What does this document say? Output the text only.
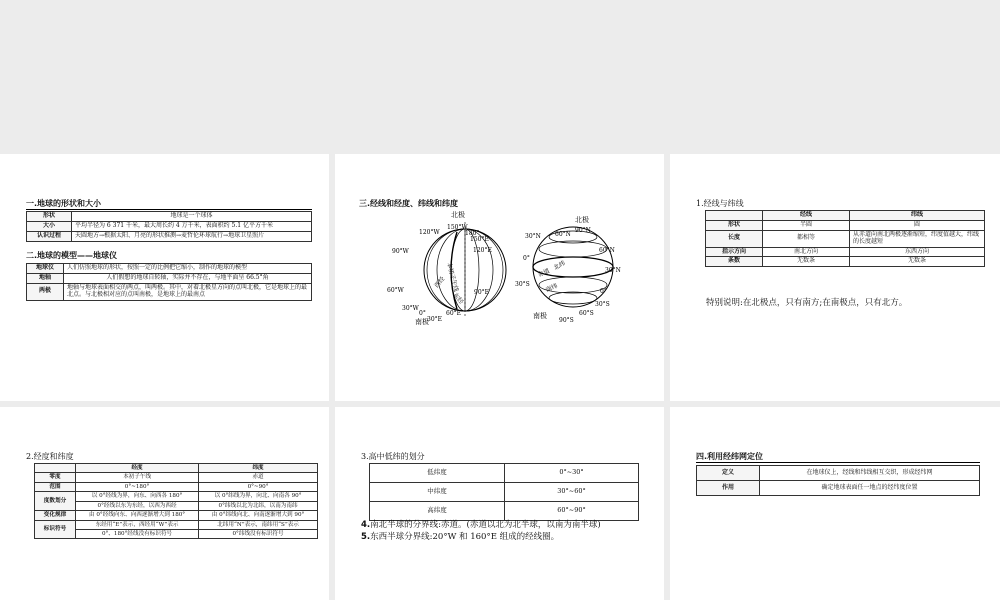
一.地球的形状和大小
形状	地球是一个球体
大小	平均半径为 6 371 千米，最大周长约 4 万千米，表面积约 5.1 亿平方千米
认识过程	天圆地方→根据太阳、月亮的形状推测→麦哲伦环球航行→地球卫星照片
二.地球的模型——地球仪
地球仪	人们仿照地球的形状，按照一定的比例把它缩小，制作的地球的模型
地轴	人们假想的地球自转轴，实际并不存在，与地平面呈 66.5°角
两极	地轴与地球表面相交的两点，叫两极。其中，对着北极星方向的点叫北极，它是地球上的最北点。与北极相对应的点叫南极，是地球上的最南点
三.经线和经度、纬线和纬度
北极
南极
150°W
180°
120°W
150°E
120°E
90°W
90°E
60°W
30°W
0°
30°E
60°E
本初子午线
西经
东经
北极
南极
90°N
60°N
30°N
0°
30°S
60°S
90°S
30°N 60°N
0°
30°S
赤道
北纬
南纬
1.经线与纬线
	经线	纬线
形状	半圆	圆
长度	都相等	从赤道向南北两极逐渐缩短，纬度值越大，纬线的长度越短
指示方向	南北方向	东西方向
条数	无数条	无数条
特别说明:在北极点，只有南方;在南极点，只有北方。
2.经度和纬度
	经度	纬度
零度	本初子午线	赤道
范围	0°~180°	0°~90°
度数划分	以 0°经线为界，向东、向西各 180°	以 0°纬线为界，向北、向南各 90°
	0°经线以东为东经，以西为西经	0°纬线以北为北纬，以南为南纬
变化规律	由 0°经线向东、向西逐渐增大到 180°	由 0°纬线向北、向南逐渐增大到 90°
标识符号	东经用“E”表示，西经用“W”表示	北纬用“N”表示，南纬用“S”表示
	0°、180°经线没有标识符号	0°纬线没有标识符号
3.高中低纬的划分
低纬度	0°~30°
中纬度	30°~60°
高纬度	60°~90°
4.南北半球的分界线:赤道。(赤道以北为北半球，以南为南半球)
5.东西半球分界线:20°W 和 160°E 组成的经线圈。
四.利用经纬网定位
定义	在地球仪上，经线和纬线相互交织，形成经纬网
作用	确定地球表面任一地点的经纬度位置
